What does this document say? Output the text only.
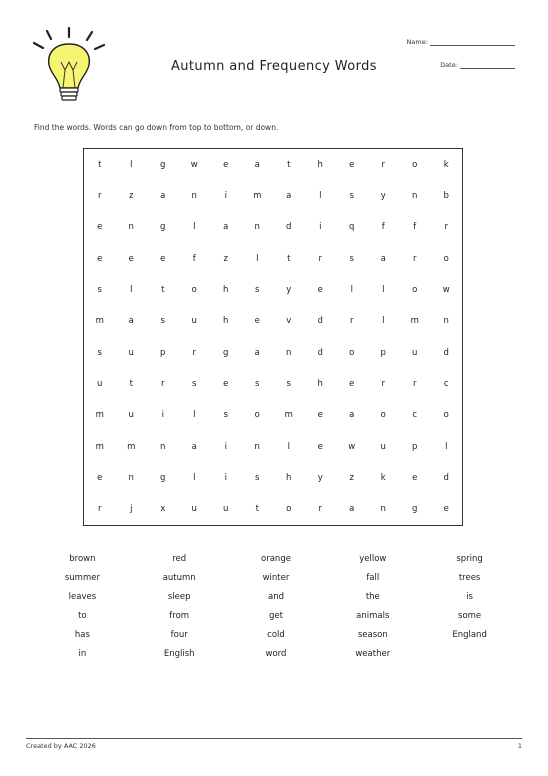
Autumn and Frequency Words
Name:
Date:
Find the words. Words can go down from top to bottom, or down.
t	l	g	w	e	a	t	h	e	r	o	k
r	z	a	n	i	m	a	l	s	y	n	b
e	n	g	l	a	n	d	i	q	f	f	r
e	e	e	f	z	l	t	r	s	a	r	o
s	l	t	o	h	s	y	e	l	l	o	w
m	a	s	u	h	e	v	d	r	l	m	n
s	u	p	r	g	a	n	d	o	p	u	d
u	t	r	s	e	s	s	h	e	r	r	c
m	u	i	l	s	o	m	e	a	o	c	o
m	m	n	a	i	n	l	e	w	u	p	l
e	n	g	l	i	s	h	y	z	k	e	d
r	j	x	u	u	t	o	r	a	n	g	e
brown	red	orange	yellow	spring
summer	autumn	winter	fall	trees
leaves	sleep	and	the	is
to	from	get	animals	some
has	four	cold	season	England
in	English	word	weather
Created by AAC 2026	1
